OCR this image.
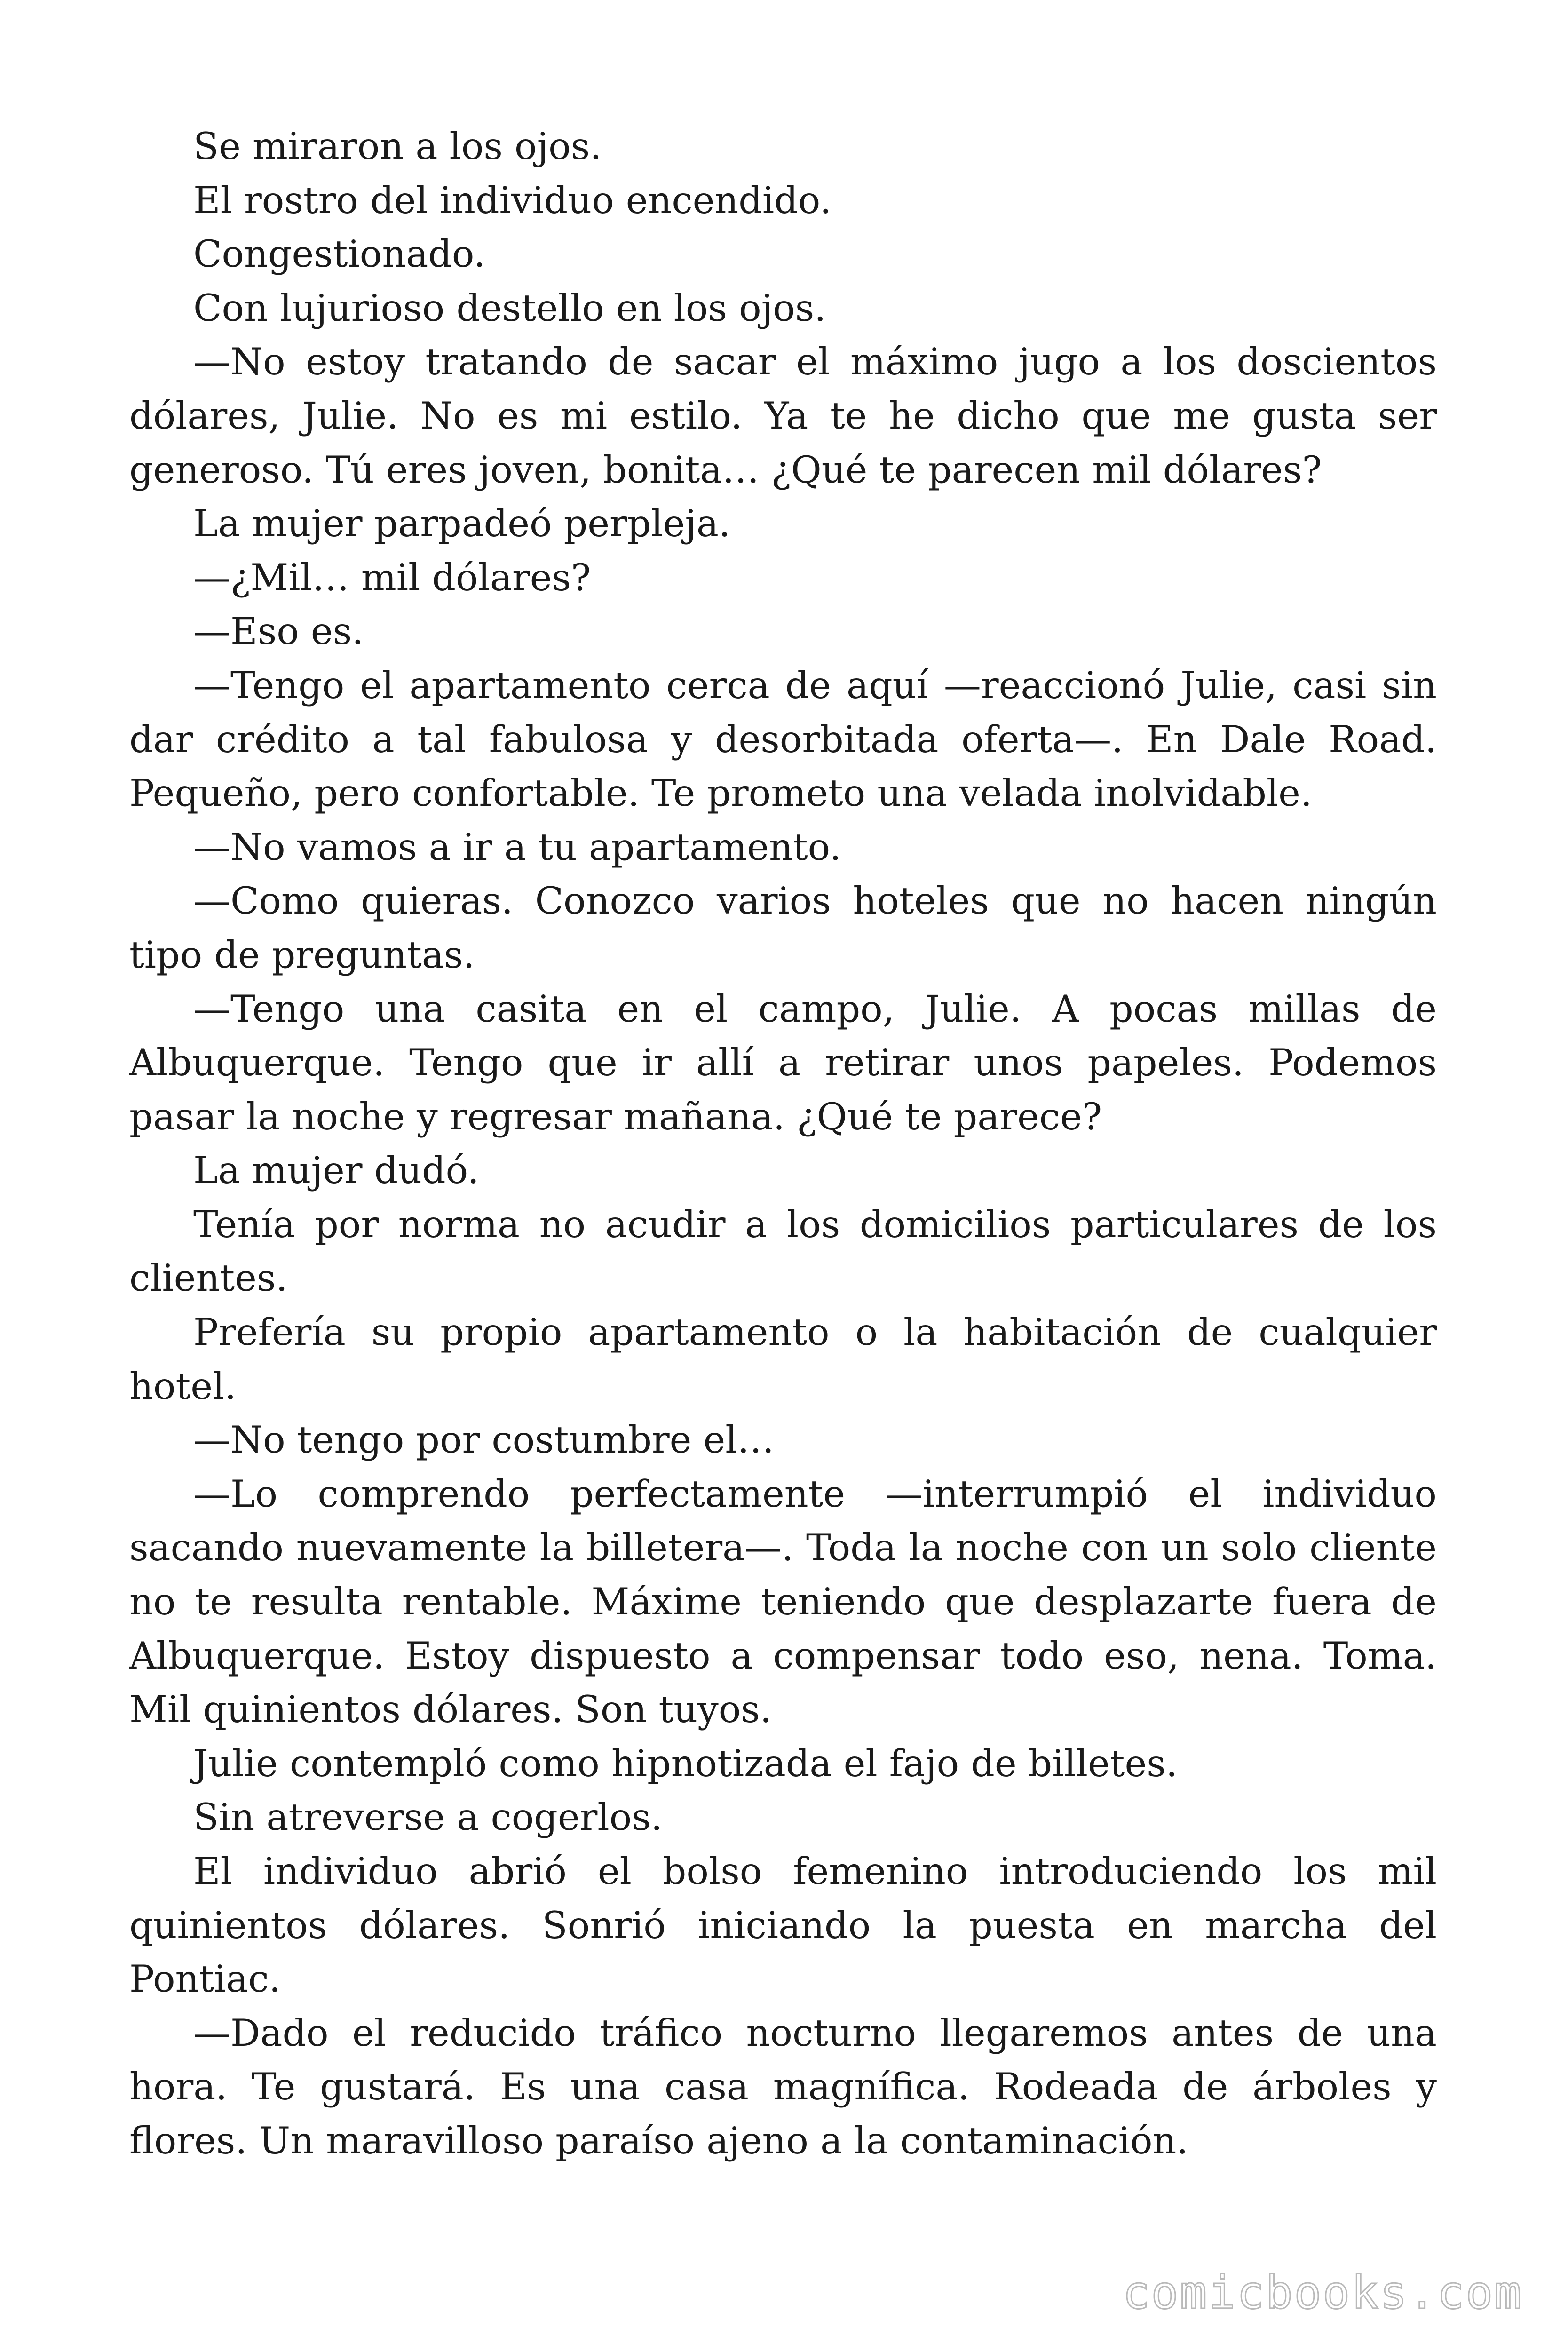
Se miraron a los ojos.

El rostro del individuo encendido.

Congestionado.

Con lujurioso destello en los ojos.

—No estoy tratando de sacar el máximo jugo a los doscientos dólares, Julie. No es mi estilo. Ya te he dicho que me gusta ser generoso. Tú eres joven, bonita… ¿Qué te parecen mil dólares?

La mujer parpadeó perpleja.

—¿Mil… mil dólares?

—Eso es.

—Tengo el apartamento cerca de aquí —reaccionó Julie, casi sin dar crédito a tal fabulosa y desorbitada oferta—. En Dale Road. Pequeño, pero confortable. Te prometo una velada inolvidable.

—No vamos a ir a tu apartamento.

—Como quieras. Conozco varios hoteles que no hacen ningún tipo de preguntas.

—Tengo una casita en el campo, Julie. A pocas millas de Albuquerque. Tengo que ir allí a retirar unos papeles. Podemos pasar la noche y regresar mañana. ¿Qué te parece?

La mujer dudó.

Tenía por norma no acudir a los domicilios particulares de los clientes.

Prefería su propio apartamento o la habitación de cualquier hotel.

—No tengo por costumbre el…

—Lo comprendo perfectamente —interrumpió el individuo sacando nuevamente la billetera—. Toda la noche con un solo cliente no te resulta rentable. Máxime teniendo que desplazarte fuera de Albuquerque. Estoy dispuesto a compensar todo eso, nena. Toma. Mil quinientos dólares. Son tuyos.

Julie contempló como hipnotizada el fajo de billetes.

Sin atreverse a cogerlos.

El individuo abrió el bolso femenino introduciendo los mil quinientos dólares. Sonrió iniciando la puesta en marcha del Pontiac.

—Dado el reducido tráfico nocturno llegaremos antes de una hora. Te gustará. Es una casa magnífica. Rodeada de árboles y flores. Un maravilloso paraíso ajeno a la contaminación.

comicbooks.com
